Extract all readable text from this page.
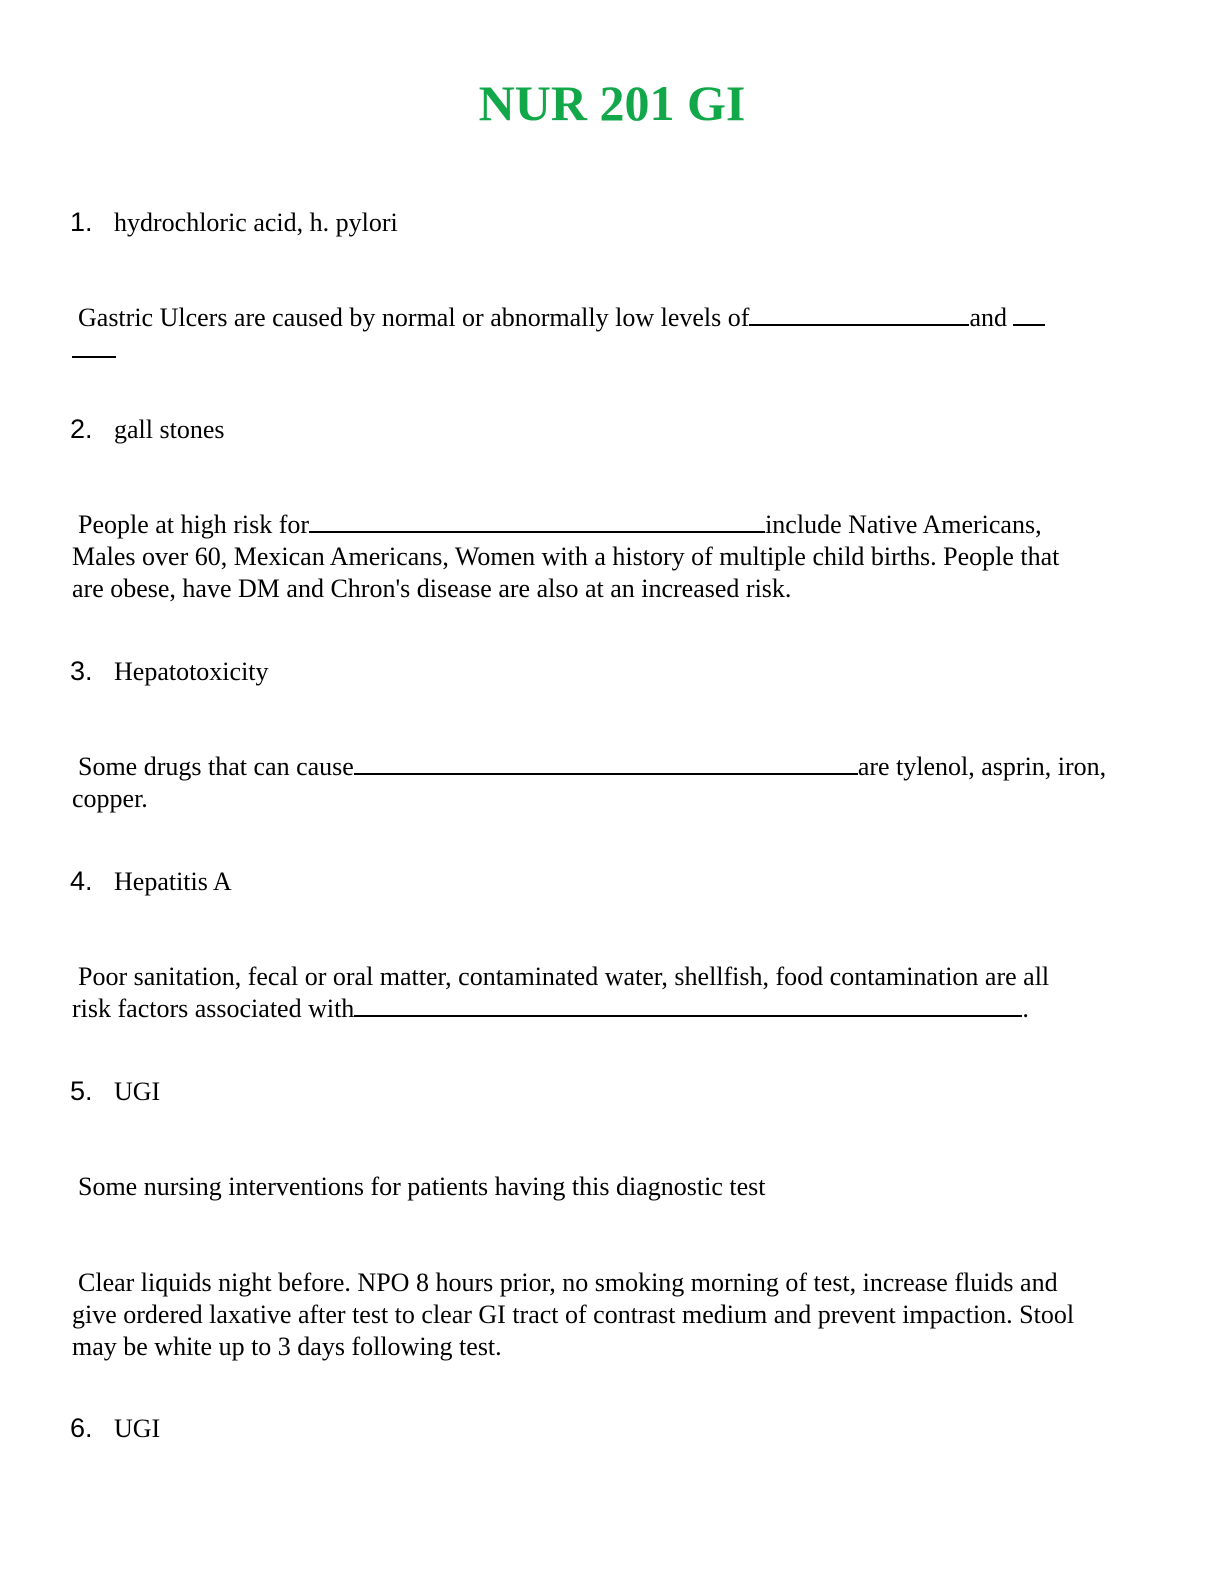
NUR 201 GI
1. hydrochloric acid, h. pylori
Gastric Ulcers are caused by normal or abnormally low levels of	and

2. gall stones
People at high risk for	include Native Americans,
Males over 60, Mexican Americans, Women with a history of multiple child births. People that
are obese, have DM and Chron's disease are also at an increased risk.
3. Hepatotoxicity
Some drugs that can cause	are tylenol, asprin, iron,
copper.
4. Hepatitis A
Poor sanitation, fecal or oral matter, contaminated water, shellfish, food contamination are all
risk factors associated with	.
5. UGI
Some nursing interventions for patients having this diagnostic test
Clear liquids night before. NPO 8 hours prior, no smoking morning of test, increase fluids and
give ordered laxative after test to clear GI tract of contrast medium and prevent impaction. Stool
may be white up to 3 days following test.
6. UGI
